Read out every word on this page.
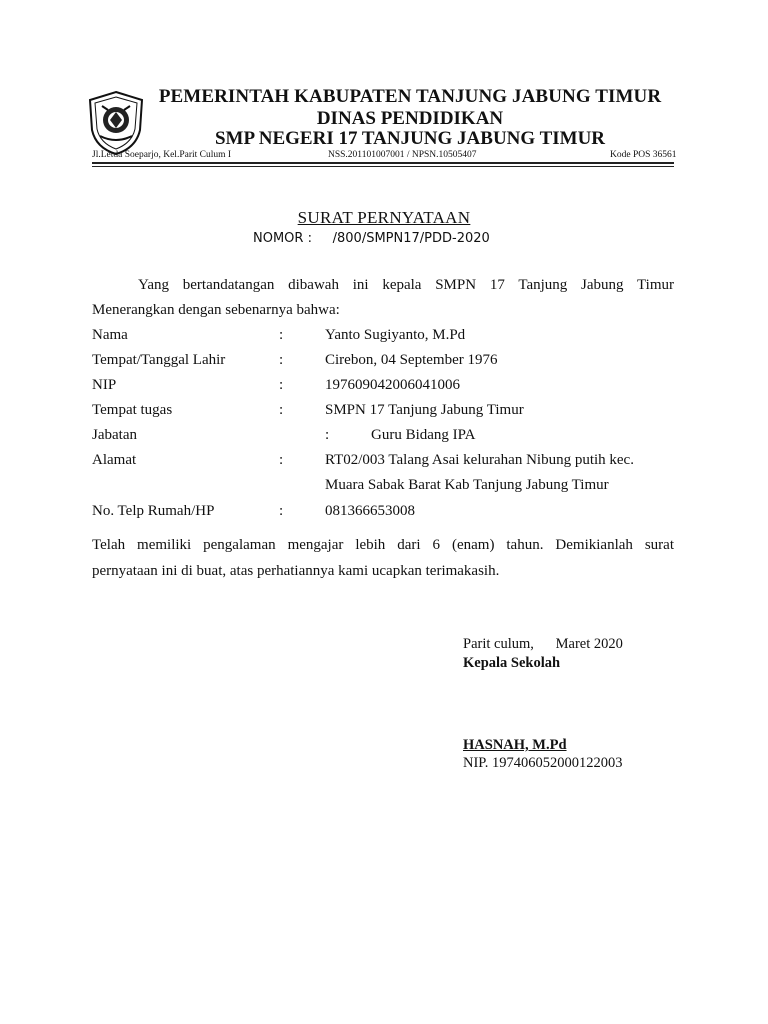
PEMERINTAH KABUPATEN TANJUNG JABUNG TIMUR
DINAS PENDIDIKAN
SMP NEGERI 17 TANJUNG JABUNG TIMUR
Jl.Letda Soeparjo, Kel.Parit Culum I	NSS.201101007001 / NPSN.10505407	Kode POS 36561
SURAT PERNYATAAN
NOMOR : /800/SMPN17/PDD-2020
Yang bertandatangan dibawah ini kepala SMPN 17 Tanjung Jabung Timur
Menerangkan dengan sebenarnya bahwa:
Nama	:	Yanto Sugiyanto, M.Pd
Tempat/Tanggal Lahir	:	Cirebon, 04 September 1976
NIP	:	197609042006041006
Tempat tugas	:	SMPN 17 Tanjung Jabung Timur
Jabatan	:	Guru Bidang IPA
Alamat	:	RT02/003 Talang Asai kelurahan Nibung putih kec.
Muara Sabak Barat Kab Tanjung Jabung Timur
No. Telp Rumah/HP	:	081366653008
Telah memiliki pengalaman mengajar lebih dari 6 (enam) tahun. Demikianlah surat
pernyataan ini di buat, atas perhatiannya kami ucapkan terimakasih.
Parit culum,      Maret 2020
Kepala Sekolah
HASNAH, M.Pd
NIP. 197406052000122003
